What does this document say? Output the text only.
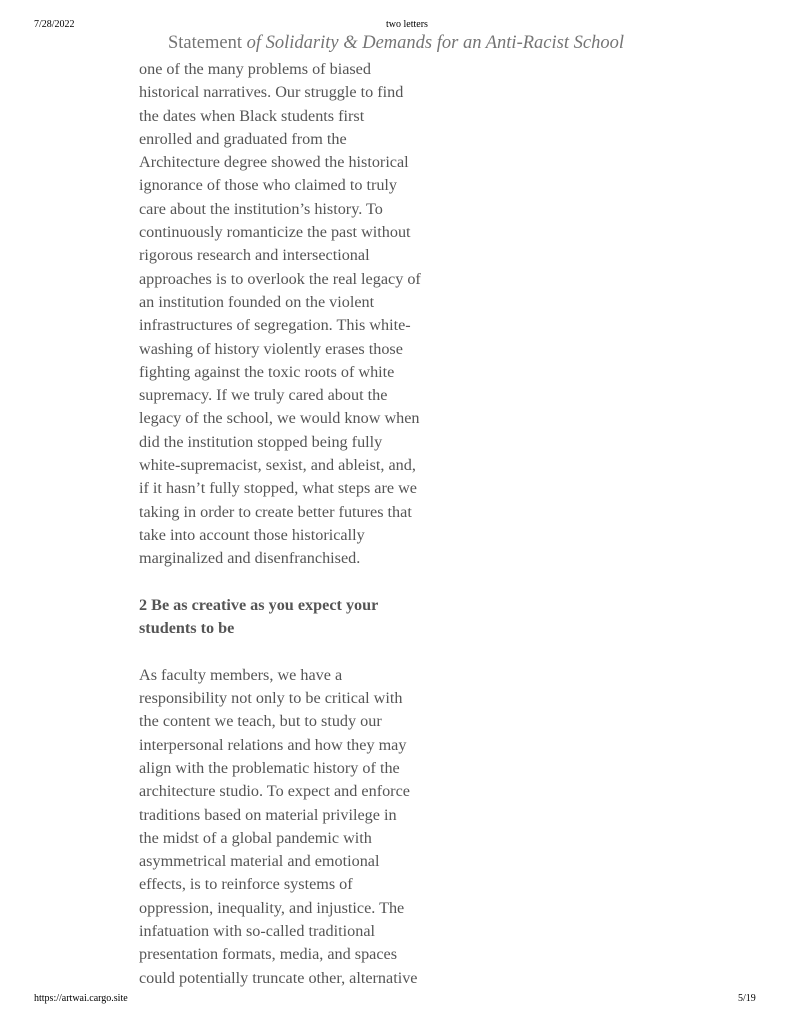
7/28/2022	two letters
Statement of Solidarity & Demands for an Anti-Racist School
one of the many problems of biased
historical narratives. Our struggle to find
the dates when Black students first
enrolled and graduated from the
Architecture degree showed the historical
ignorance of those who claimed to truly
care about the institution’s history. To
continuously romanticize the past without
rigorous research and intersectional
approaches is to overlook the real legacy of
an institution founded on the violent
infrastructures of segregation. This white-
washing of history violently erases those
fighting against the toxic roots of white
supremacy. If we truly cared about the
legacy of the school, we would know when
did the institution stopped being fully
white-supremacist, sexist, and ableist, and,
if it hasn’t fully stopped, what steps are we
taking in order to create better futures that
take into account those historically
marginalized and disenfranchised.
2 Be as creative as you expect your
students to be
As faculty members, we have a
responsibility not only to be critical with
the content we teach, but to study our
interpersonal relations and how they may
align with the problematic history of the
architecture studio. To expect and enforce
traditions based on material privilege in
the midst of a global pandemic with
asymmetrical material and emotional
effects, is to reinforce systems of
oppression, inequality, and injustice. The
infatuation with so-called traditional
presentation formats, media, and spaces
could potentially truncate other, alternative
https://artwai.cargo.site	5/19
